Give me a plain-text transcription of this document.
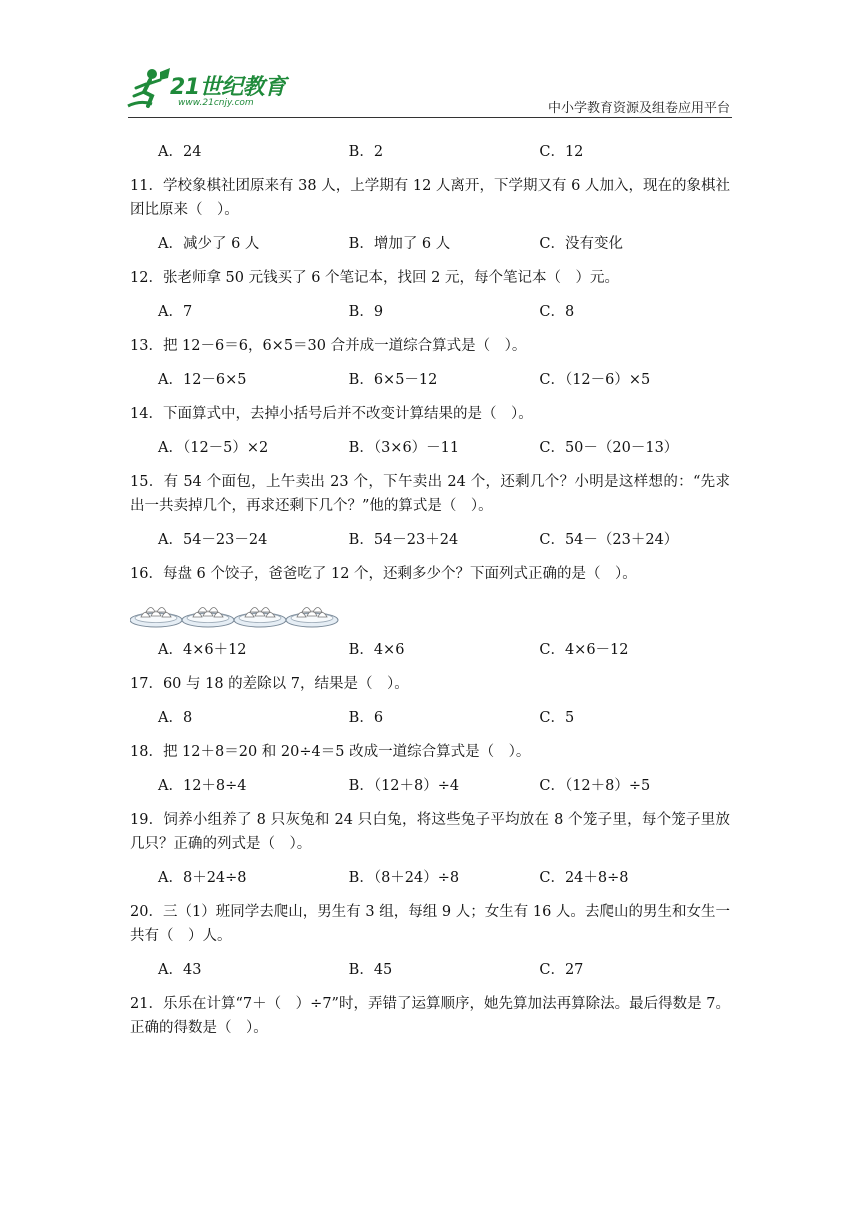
21世纪教育
www.21cnjy.com	中小学教育资源及组卷应用平台
A．24	B．2	C．12

11．学校象棋社团原来有 38 人，上学期有 12 人离开，下学期又有 6 人加入，现在的象棋社团比原来（　）。

A．减少了 6 人	B．增加了 6 人	C．没有变化

12．张老师拿 50 元钱买了 6 个笔记本，找回 2 元，每个笔记本（　）元。

A．7	B．9	C．8

13．把 12－6＝6，6×5＝30 合并成一道综合算式是（　）。

A．12－6×5	B．6×5－12	C．（12－6）×5

14．下面算式中，去掉小括号后并不改变计算结果的是（　）。

A．（12－5）×2	B．（3×6）－11	C．50－（20－13）

15．有 54 个面包，上午卖出 23 个，下午卖出 24 个，还剩几个？小明是这样想的：“先求出一共卖掉几个，再求还剩下几个？”他的算式是（　）。

A．54－23－24	B．54－23＋24	C．54－（23＋24）

16．每盘 6 个饺子，爸爸吃了 12 个，还剩多少个？下面列式正确的是（　）。

A．4×6＋12	B．4×6	C．4×6－12

17．60 与 18 的差除以 7，结果是（　）。

A．8	B．6	C．5

18．把 12＋8＝20 和 20÷4＝5 改成一道综合算式是（　）。

A．12＋8÷4	B．（12＋8）÷4	C．（12＋8）÷5

19．饲养小组养了 8 只灰兔和 24 只白兔，将这些兔子平均放在 8 个笼子里，每个笼子里放几只？正确的列式是（　）。

A．8＋24÷8	B．（8＋24）÷8	C．24＋8÷8

20．三（1）班同学去爬山，男生有 3 组，每组 9 人；女生有 16 人。去爬山的男生和女生一共有（　）人。

A．43	B．45	C．27

21．乐乐在计算“7＋（　）÷7”时，弄错了运算顺序，她先算加法再算除法。最后得数是 7。正确的得数是（　）。
